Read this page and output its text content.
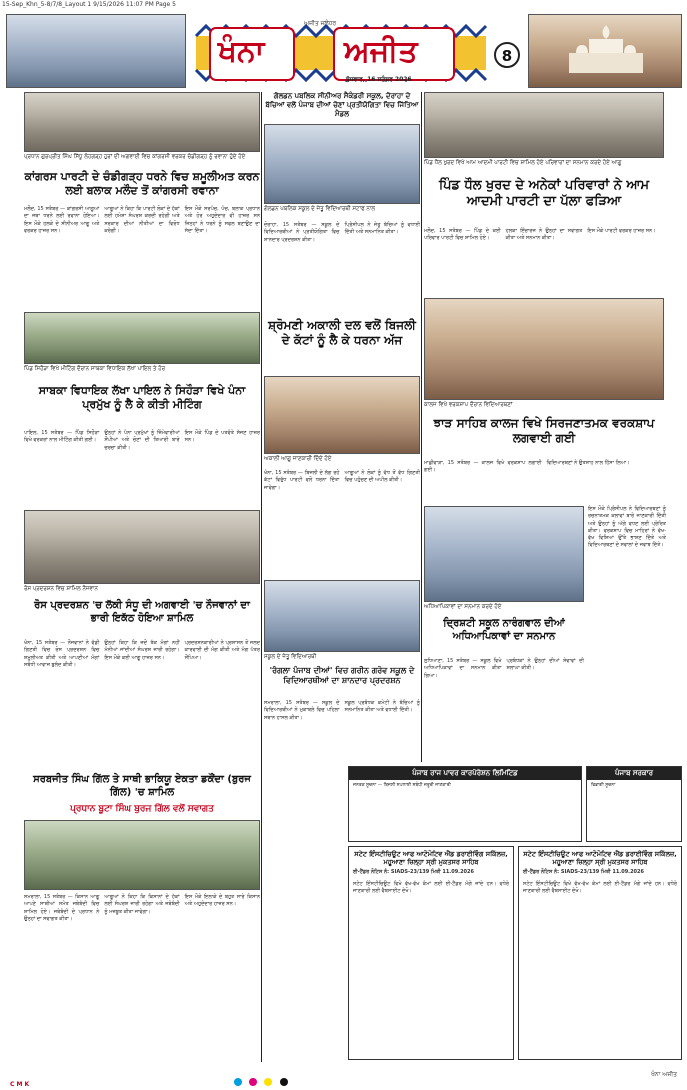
15-Sep_Khn_5-8/7/8_Layout 1 9/15/2026 11:07 PM Page 5
ਖੰਨਾ	ਅਜੀਤ
ਅਜੀਤ ਜਲੰਧਰ
ਬੁੱਧਵਾਰ, 16 ਸਤੰਬਰ 2026
8
ਪ੍ਰਧਾਨ ਗੁਰਪ੍ਰੀਤ ਸਿੰਘ ਸਿੱਧੂ ਲੋਹਗੜ੍ਹ ਹੁਰਾਂ ਦੀ ਅਗਵਾਈ ਵਿਚ ਕਾਂਗਰਸੀ ਵਰਕਰ ਚੰਡੀਗੜ੍ਹ ਨੂੰ ਰਵਾਨਾ ਹੁੰਦੇ ਹੋਏ
ਕਾਂਗਰਸ ਪਾਰਟੀ ਦੇ ਚੰਡੀਗੜ੍ਹ ਧਰਨੇ ਵਿਚ ਸ਼ਮੂਲੀਅਤ ਕਰਨ ਲਈ ਬਲਾਕ ਮਲੌਦ ਤੋਂ ਕਾਂਗਰਸੀ ਰਵਾਨਾ
ਮਲੌਦ, 15 ਸਤੰਬਰ — ਕਾਂਗਰਸੀ ਆਗੂਆਂ ਦਾ ਜਥਾ ਧਰਨੇ ਲਈ ਰਵਾਨਾ ਹੋਇਆ। ਇਸ ਮੌਕੇ ਹਲਕੇ ਦੇ ਸੀਨੀਅਰ ਆਗੂ ਅਤੇ ਵਰਕਰ ਹਾਜ਼ਰ ਸਨ।
ਆਗੂਆਂ ਨੇ ਕਿਹਾ ਕਿ ਪਾਰਟੀ ਲੋਕਾਂ ਦੇ ਹੱਕਾਂ ਲਈ ਹਮੇਸ਼ਾ ਸੰਘਰਸ਼ ਕਰਦੀ ਰਹੇਗੀ ਅਤੇ ਸਰਕਾਰ ਦੀਆਂ ਨੀਤੀਆਂ ਦਾ ਵਿਰੋਧ ਕਰੇਗੀ।
ਇਸ ਮੌਕੇ ਸਰਪੰਚ, ਪੰਚ, ਬਲਾਕ ਪ੍ਰਧਾਨ ਅਤੇ ਹੋਰ ਅਹੁਦੇਦਾਰ ਵੀ ਹਾਜ਼ਰ ਸਨ ਜਿਨ੍ਹਾਂ ਨੇ ਧਰਨੇ ਨੂੰ ਸਫਲ ਬਣਾਉਣ ਦਾ ਸੱਦਾ ਦਿੱਤਾ।
ਪਿੰਡ ਸਿਹੌੜਾ ਵਿਖੇ ਮੀਟਿੰਗ ਦੌਰਾਨ ਸਾਬਕਾ ਵਿਧਾਇਕ ਲੱਖਾ ਪਾਇਲ ਤੇ ਹੋਰ
ਸਾਬਕਾ ਵਿਧਾਇਕ ਲੱਖਾ ਪਾਇਲ ਨੇ ਸਿਹੌੜਾ ਵਿਖੇ ਪੰਨਾ ਪ੍ਰਮੁੱਖ ਨੂੰ ਲੈ ਕੇ ਕੀਤੀ ਮੀਟਿੰਗ
ਪਾਇਲ, 15 ਸਤੰਬਰ — ਪਿੰਡ ਸਿਹੌੜਾ ਵਿਖੇ ਵਰਕਰਾਂ ਨਾਲ ਮੀਟਿੰਗ ਕੀਤੀ ਗਈ।
ਉਨ੍ਹਾਂ ਨੇ ਪੰਨਾ ਪ੍ਰਮੁੱਖਾਂ ਨੂੰ ਜ਼ਿੰਮੇਵਾਰੀਆਂ ਸੌਂਪੀਆਂ ਅਤੇ ਚੋਣਾਂ ਦੀ ਤਿਆਰੀ ਬਾਰੇ ਚਰਚਾ ਕੀਤੀ।
ਇਸ ਮੌਕੇ ਪਿੰਡ ਦੇ ਪਤਵੰਤੇ ਸੱਜਣ ਹਾਜ਼ਰ ਸਨ।
ਰੋਸ ਪ੍ਰਦਰਸ਼ਨ ਵਿਚ ਸ਼ਾਮਿਲ ਨੌਜਵਾਨ
ਰੋਸ ਪ੍ਰਦਰਸ਼ਨ 'ਚ ਲੱਕੀ ਸੰਧੂ ਦੀ ਅਗਵਾਈ 'ਚ ਨੌਜਵਾਨਾਂ ਦਾ ਭਾਰੀ ਇਕੱਠ ਹੋਇਆ ਸ਼ਾਮਿਲ
ਖੰਨਾ, 15 ਸਤੰਬਰ — ਨੌਜਵਾਨਾਂ ਨੇ ਵੱਡੀ ਗਿਣਤੀ ਵਿਚ ਰੋਸ ਪ੍ਰਦਰਸ਼ਨ ਵਿਚ ਸ਼ਮੂਲੀਅਤ ਕੀਤੀ ਅਤੇ ਆਪਣੀਆਂ ਮੰਗਾਂ ਸਬੰਧੀ ਆਵਾਜ਼ ਬੁਲੰਦ ਕੀਤੀ।
ਉਨ੍ਹਾਂ ਕਿਹਾ ਕਿ ਜਦੋਂ ਤੱਕ ਮੰਗਾਂ ਨਹੀਂ ਮੰਨੀਆਂ ਜਾਂਦੀਆਂ ਸੰਘਰਸ਼ ਜਾਰੀ ਰਹੇਗਾ। ਇਸ ਮੌਕੇ ਕਈ ਆਗੂ ਹਾਜ਼ਰ ਸਨ।
ਪ੍ਰਦਰਸ਼ਨਕਾਰੀਆਂ ਨੇ ਪ੍ਰਸ਼ਾਸਨ ਤੋਂ ਜਲਦ ਕਾਰਵਾਈ ਦੀ ਮੰਗ ਕੀਤੀ ਅਤੇ ਮੰਗ ਪੱਤਰ ਸੌਂਪਿਆ।
ਸਰਬਜੀਤ ਸਿੰਘ ਗਿੱਲ ਤੇ ਸਾਥੀ ਭਾਕਿਯੂ ਏਕਤਾ ਡਕੌਂਦਾ (ਬੁਰਜ ਗਿੱਲ) 'ਚ ਸ਼ਾਮਿਲ
ਪ੍ਰਧਾਨ ਬੂਟਾ ਸਿੰਘ ਬੁਰਜ ਗਿੱਲ ਵਲੋਂ ਸਵਾਗਤ
ਸਮਰਾਲਾ, 15 ਸਤੰਬਰ — ਕਿਸਾਨ ਆਗੂ ਆਪਣੇ ਸਾਥੀਆਂ ਸਮੇਤ ਜਥੇਬੰਦੀ ਵਿਚ ਸ਼ਾਮਿਲ ਹੋਏ। ਜਥੇਬੰਦੀ ਦੇ ਪ੍ਰਧਾਨ ਨੇ ਉਨ੍ਹਾਂ ਦਾ ਸਵਾਗਤ ਕੀਤਾ।
ਆਗੂਆਂ ਨੇ ਕਿਹਾ ਕਿ ਕਿਸਾਨਾਂ ਦੇ ਹੱਕਾਂ ਲਈ ਸੰਘਰਸ਼ ਜਾਰੀ ਰਹੇਗਾ ਅਤੇ ਜਥੇਬੰਦੀ ਨੂੰ ਮਜ਼ਬੂਤ ਕੀਤਾ ਜਾਵੇਗਾ।
ਇਸ ਮੌਕੇ ਇਲਾਕੇ ਦੇ ਬਹੁਤ ਸਾਰੇ ਕਿਸਾਨ ਅਤੇ ਅਹੁਦੇਦਾਰ ਹਾਜ਼ਰ ਸਨ।
ਗੋਲਡਨ ਪਬਲਿਕ ਸੀਨੀਅਰ ਸੈਕੰਡਰੀ ਸਕੂਲ, ਦੋਰਾਹਾ ਦੇ ਬੱਚਿਆਂ ਵਲੋਂ ਪੰਜਾਬ ਦੀਆਂ ਚੋਣਾਂ ਪ੍ਰਤੀਯੋਗਿਤਾ ਵਿਚ ਜਿੱਤਿਆ ਮੈਡਲ
ਗੋਲਡਨ ਪਬਲਿਕ ਸਕੂਲ ਦੇ ਜੇਤੂ ਵਿਦਿਆਰਥੀ ਸਟਾਫ ਨਾਲ
ਦੋਰਾਹਾ, 15 ਸਤੰਬਰ — ਸਕੂਲ ਦੇ ਵਿਦਿਆਰਥੀਆਂ ਨੇ ਪ੍ਰਤੀਯੋਗਿਤਾ ਵਿਚ ਸ਼ਾਨਦਾਰ ਪ੍ਰਦਰਸ਼ਨ ਕੀਤਾ।
ਪ੍ਰਿੰਸੀਪਲ ਨੇ ਜੇਤੂ ਬੱਚਿਆਂ ਨੂੰ ਵਧਾਈ ਦਿੱਤੀ ਅਤੇ ਸਨਮਾਨਿਤ ਕੀਤਾ।
ਸ਼੍ਰੋਮਣੀ ਅਕਾਲੀ ਦਲ ਵਲੋਂ ਬਿਜਲੀ ਦੇ ਕੱਟਾਂ ਨੂੰ ਲੈ ਕੇ ਧਰਨਾ ਅੱਜ
ਅਕਾਲੀ ਆਗੂ ਜਾਣਕਾਰੀ ਦਿੰਦੇ ਹੋਏ
ਖੰਨਾ, 15 ਸਤੰਬਰ — ਬਿਜਲੀ ਦੇ ਲੱਗ ਰਹੇ ਕੱਟਾਂ ਵਿਰੁੱਧ ਪਾਰਟੀ ਵਲੋਂ ਧਰਨਾ ਦਿੱਤਾ ਜਾਵੇਗਾ।
ਆਗੂਆਂ ਨੇ ਲੋਕਾਂ ਨੂੰ ਵੱਧ ਤੋਂ ਵੱਧ ਗਿਣਤੀ ਵਿਚ ਪਹੁੰਚਣ ਦੀ ਅਪੀਲ ਕੀਤੀ।
ਸਕੂਲ ਦੇ ਜੇਤੂ ਵਿਦਿਆਰਥੀ
'ਰੰਗਲਾ ਪੰਜਾਬ ਦੀਆਂ' ਵਿਚ ਗਰੀਨ ਗਰੋਵ ਸਕੂਲ ਦੇ ਵਿਦਿਆਰਥੀਆਂ ਦਾ ਸ਼ਾਨਦਾਰ ਪ੍ਰਦਰਸ਼ਨ
ਸਮਰਾਲਾ, 15 ਸਤੰਬਰ — ਸਕੂਲ ਦੇ ਵਿਦਿਆਰਥੀਆਂ ਨੇ ਮੁਕਾਬਲੇ ਵਿਚ ਪਹਿਲਾ ਸਥਾਨ ਹਾਸਲ ਕੀਤਾ।
ਸਕੂਲ ਪ੍ਰਬੰਧਕ ਕਮੇਟੀ ਨੇ ਬੱਚਿਆਂ ਨੂੰ ਸਨਮਾਨਿਤ ਕੀਤਾ ਅਤੇ ਵਧਾਈ ਦਿੱਤੀ।
ਪਿੰਡ ਧੌਲ ਖੁਰਦ ਵਿਖੇ ਆਮ ਆਦਮੀ ਪਾਰਟੀ ਵਿਚ ਸ਼ਾਮਿਲ ਹੋਏ ਪਰਿਵਾਰਾਂ ਦਾ ਸਨਮਾਨ ਕਰਦੇ ਹੋਏ ਆਗੂ
ਪਿੰਡ ਧੌਲ ਖੁਰਦ ਦੇ ਅਨੇਕਾਂ ਪਰਿਵਾਰਾਂ ਨੇ ਆਮ ਆਦਮੀ ਪਾਰਟੀ ਦਾ ਪੱਲਾ ਫੜਿਆ
ਮਲੌਦ, 15 ਸਤੰਬਰ — ਪਿੰਡ ਦੇ ਕਈ ਪਰਿਵਾਰ ਪਾਰਟੀ ਵਿਚ ਸ਼ਾਮਿਲ ਹੋਏ।
ਹਲਕਾ ਇੰਚਾਰਜ ਨੇ ਉਨ੍ਹਾਂ ਦਾ ਸਵਾਗਤ ਕੀਤਾ ਅਤੇ ਸਨਮਾਨ ਕੀਤਾ।
ਇਸ ਮੌਕੇ ਪਾਰਟੀ ਵਰਕਰ ਹਾਜ਼ਰ ਸਨ।
ਕਾਲਜ ਵਿਖੇ ਵਰਕਸ਼ਾਪ ਦੌਰਾਨ ਵਿਦਿਆਰਥਣਾਂ
ਝਾੜ ਸਾਹਿਬ ਕਾਲਜ ਵਿਖੇ ਸਿਰਜਣਾਤਮਕ ਵਰਕਸ਼ਾਪ ਲਗਵਾਈ ਗਈ
ਮਾਛੀਵਾੜਾ, 15 ਸਤੰਬਰ — ਕਾਲਜ ਵਿਖੇ ਵਰਕਸ਼ਾਪ ਲਗਾਈ ਗਈ।
ਵਿਦਿਆਰਥਣਾਂ ਨੇ ਉਤਸ਼ਾਹ ਨਾਲ ਹਿੱਸਾ ਲਿਆ।
ਅਧਿਆਪਿਕਾਵਾਂ ਦਾ ਸਨਮਾਨ ਕਰਦੇ ਹੋਏ
ਦ੍ਰਿਸ਼ਟੀ ਸਕੂਲ ਨਾਰੰਗਵਾਲ ਦੀਆਂ ਅਧਿਆਪਿਕਾਵਾਂ ਦਾ ਸਨਮਾਨ
ਲੁਧਿਆਣਾ, 15 ਸਤੰਬਰ — ਸਕੂਲ ਵਿਖੇ ਅਧਿਆਪਿਕਾਵਾਂ ਦਾ ਸਨਮਾਨ ਕੀਤਾ ਗਿਆ।
ਪ੍ਰਬੰਧਕਾਂ ਨੇ ਉਨ੍ਹਾਂ ਦੀਆਂ ਸੇਵਾਵਾਂ ਦੀ ਸ਼ਲਾਘਾ ਕੀਤੀ।
ਇਸ ਮੌਕੇ ਪ੍ਰਿੰਸੀਪਲ ਨੇ ਵਿਦਿਆਰਥਣਾਂ ਨੂੰ ਰਚਨਾਤਮਕ ਕਲਾਵਾਂ ਬਾਰੇ ਜਾਣਕਾਰੀ ਦਿੱਤੀ ਅਤੇ ਉਨ੍ਹਾਂ ਨੂੰ ਅੱਗੇ ਵਧਣ ਲਈ ਪ੍ਰੇਰਿਤ ਕੀਤਾ। ਵਰਕਸ਼ਾਪ ਵਿਚ ਮਾਹਿਰਾਂ ਨੇ ਵੱਖ-ਵੱਖ ਵਿਸ਼ਿਆਂ ਉੱਤੇ ਭਾਸ਼ਣ ਦਿੱਤੇ ਅਤੇ ਵਿਦਿਆਰਥਣਾਂ ਦੇ ਸਵਾਲਾਂ ਦੇ ਜਵਾਬ ਦਿੱਤੇ।
ਪੰਜਾਬ ਰਾਜ ਪਾਵਰ ਕਾਰਪੋਰੇਸ਼ਨ ਲਿਮਿਟਿਡ
ਜਨਤਕ ਸੂਚਨਾ — ਬਿਜਲੀ ਸਪਲਾਈ ਸਬੰਧੀ ਜ਼ਰੂਰੀ ਜਾਣਕਾਰੀ
ਪੰਜਾਬ ਸਰਕਾਰ
ਵਿਭਾਗੀ ਸੂਚਨਾ
ਸਟੇਟ ਇੰਸਟੀਚਿਊਟ ਆਫ ਆਟੋਮੋਟਿਵ ਐਂਡ ਡਰਾਈਵਿੰਗ ਸਕਿੱਲਜ਼, ਮਹੂਆਣਾ ਜ਼ਿਲ੍ਹਾ ਸ੍ਰੀ ਮੁਕਤਸਰ ਸਾਹਿਬ
ਈ-ਟੈਂਡਰ ਨੋਟਿਸ ਨੰ: SIADS-23/139 ਮਿਤੀ 11.09.2026
ਸਟੇਟ ਇੰਸਟੀਚਿਊਟ ਵਿਖੇ ਵੱਖ-ਵੱਖ ਕੰਮਾਂ ਲਈ ਈ-ਟੈਂਡਰ ਮੰਗੇ ਜਾਂਦੇ ਹਨ। ਵਧੇਰੇ ਜਾਣਕਾਰੀ ਲਈ ਵੈਬਸਾਈਟ ਦੇਖੋ।
ਸਟੇਟ ਇੰਸਟੀਚਿਊਟ ਆਫ ਆਟੋਮੋਟਿਵ ਐਂਡ ਡਰਾਈਵਿੰਗ ਸਕਿੱਲਜ਼, ਮਹੂਆਣਾ ਜ਼ਿਲ੍ਹਾ ਸ੍ਰੀ ਮੁਕਤਸਰ ਸਾਹਿਬ
ਈ-ਟੈਂਡਰ ਨੋਟਿਸ ਨੰ: SIADS-23/139 ਮਿਤੀ 11.09.2026
ਸਟੇਟ ਇੰਸਟੀਚਿਊਟ ਵਿਖੇ ਵੱਖ-ਵੱਖ ਕੰਮਾਂ ਲਈ ਈ-ਟੈਂਡਰ ਮੰਗੇ ਜਾਂਦੇ ਹਨ। ਵਧੇਰੇ ਜਾਣਕਾਰੀ ਲਈ ਵੈਬਸਾਈਟ ਦੇਖੋ।
C M K
ਖੰਨਾ ਅਜੀਤ
